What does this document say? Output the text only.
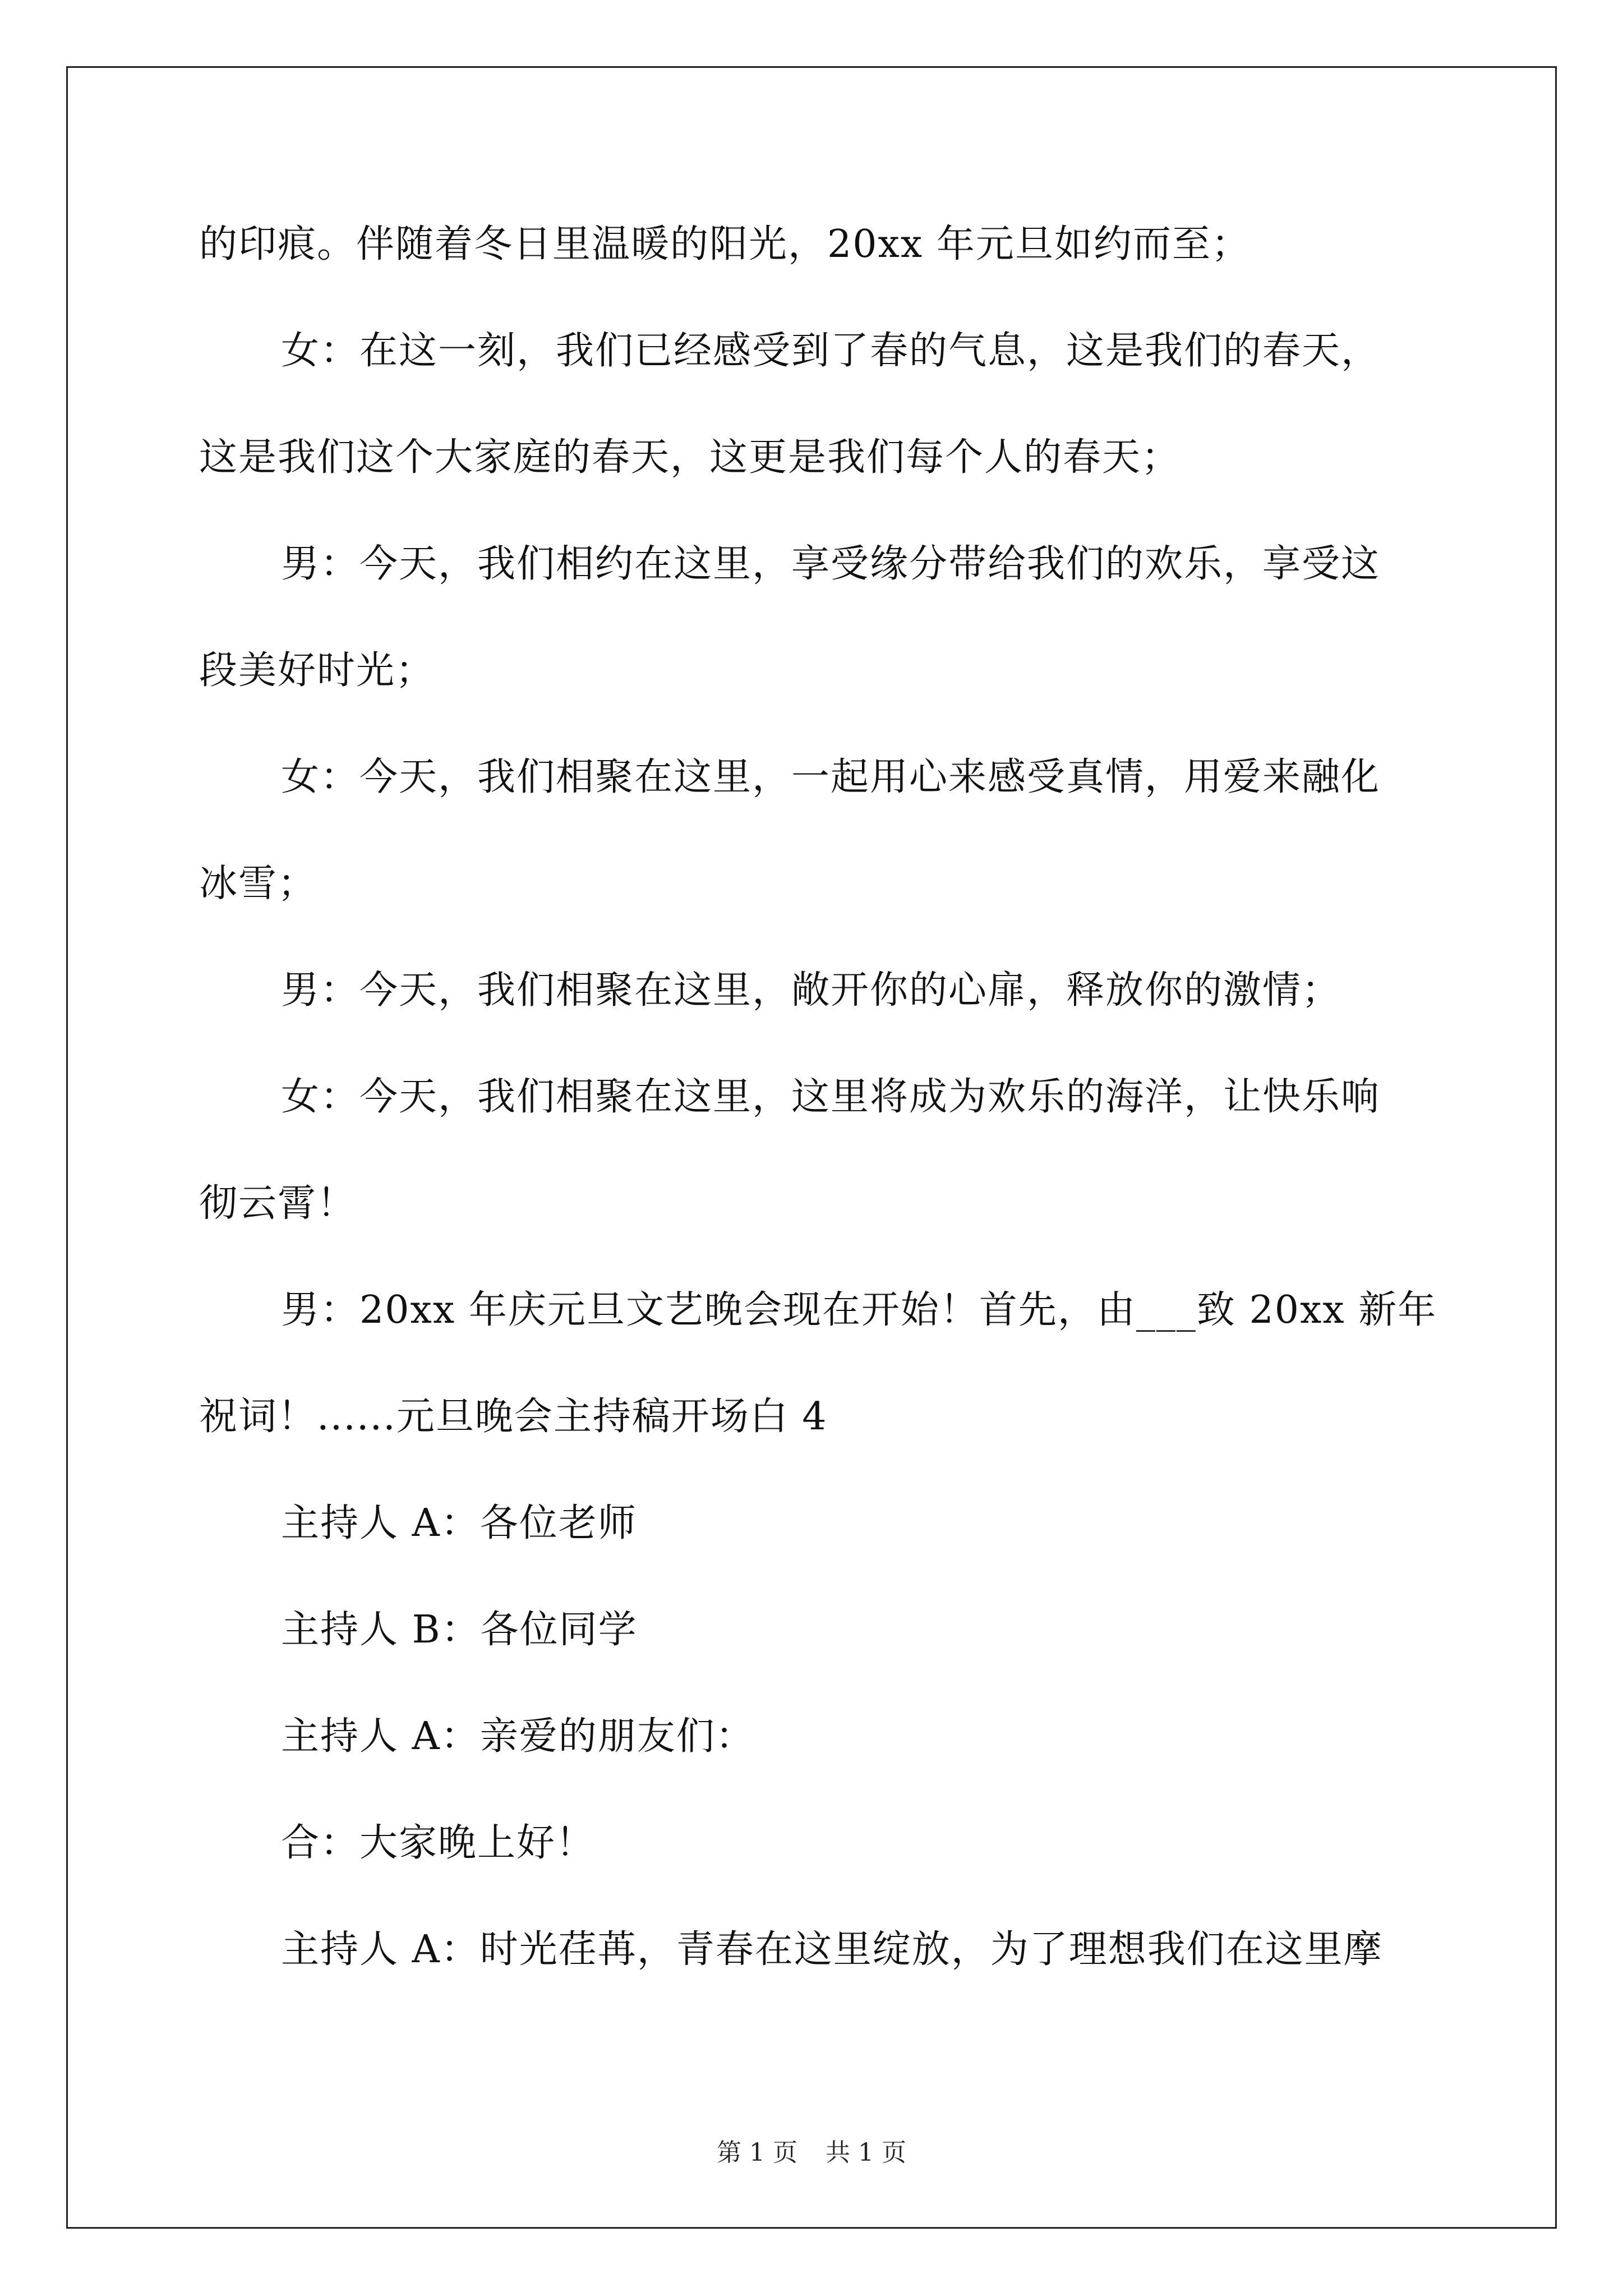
的印痕。伴随着冬日里温暖的阳光，20xx 年元旦如约而至；
女：在这一刻，我们已经感受到了春的气息，这是我们的春天，
这是我们这个大家庭的春天，这更是我们每个人的春天；
男：今天，我们相约在这里，享受缘分带给我们的欢乐，享受这
段美好时光；
女：今天，我们相聚在这里，一起用心来感受真情，用爱来融化
冰雪；
男：今天，我们相聚在这里，敞开你的心扉，释放你的激情；
女：今天，我们相聚在这里，这里将成为欢乐的海洋，让快乐响
彻云霄！
男：20xx 年庆元旦文艺晚会现在开始！首先，由___致 20xx 新年
祝词！......元旦晚会主持稿开场白 4
主持人 A：各位老师
主持人 B：各位同学
主持人 A：亲爱的朋友们：
合：大家晚上好！
主持人 A：时光荏苒，青春在这里绽放，为了理想我们在这里摩
第 1 页 共 1 页
